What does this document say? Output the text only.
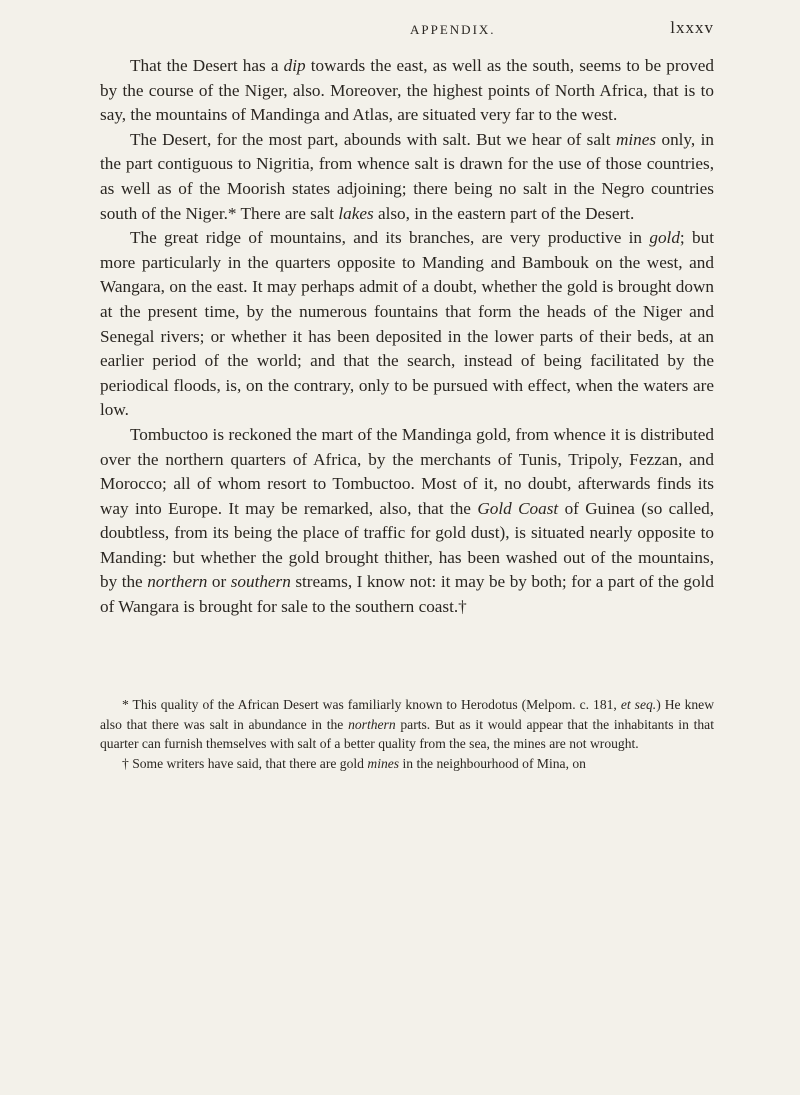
APPENDIX.	lxxxv

That the Desert has a dip towards the east, as well as the south, seems to be proved by the course of the Niger, also. Moreover, the highest points of North Africa, that is to say, the mountains of Mandinga and Atlas, are situated very far to the west.

The Desert, for the most part, abounds with salt. But we hear of salt mines only, in the part contiguous to Nigritia, from whence salt is drawn for the use of those countries, as well as of the Moorish states adjoining; there being no salt in the Negro countries south of the Niger.* There are salt lakes also, in the eastern part of the Desert.

The great ridge of mountains, and its branches, are very productive in gold; but more particularly in the quarters opposite to Manding and Bambouk on the west, and Wangara, on the east. It may perhaps admit of a doubt, whether the gold is brought down at the present time, by the numerous fountains that form the heads of the Niger and Senegal rivers; or whether it has been deposited in the lower parts of their beds, at an earlier period of the world; and that the search, instead of being facilitated by the periodical floods, is, on the contrary, only to be pursued with effect, when the waters are low.

Tombuctoo is reckoned the mart of the Mandinga gold, from whence it is distributed over the northern quarters of Africa, by the merchants of Tunis, Tripoly, Fezzan, and Morocco; all of whom resort to Tombuctoo. Most of it, no doubt, afterwards finds its way into Europe. It may be remarked, also, that the Gold Coast of Guinea (so called, doubtless, from its being the place of traffic for gold dust), is situated nearly opposite to Manding: but whether the gold brought thither, has been washed out of the mountains, by the northern or southern streams, I know not: it may be by both; for a part of the gold of Wangara is brought for sale to the southern coast.†

* This quality of the African Desert was familiarly known to Herodotus (Melpom. c. 181, et seq.) He knew also that there was salt in abundance in the northern parts. But as it would appear that the inhabitants in that quarter can furnish themselves with salt of a better quality from the sea, the mines are not wrought.

† Some writers have said, that there are gold mines in the neighbourhood of Mina, on
